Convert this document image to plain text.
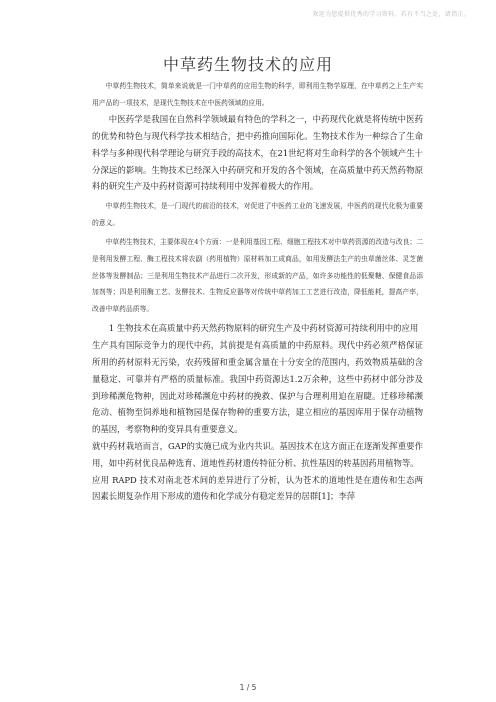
欢迎为您提供优秀的学习资料，若有不当之处，请指正。
中草药生物技术的应用

中草药生物技术，简单来说就是一门中草药的应用生物的科学，即利用生物学原理，在中草药之上生产实用产品的一项技术，是现代生物技术在中医药领域的应用。

中医药学是我国在自然科学领域最有特色的学科之一，中药现代化就是将传统中医药的优势和特色与现代科学技术相结合，把中药推向国际化。生物技术作为一种综合了生命科学与多种现代科学理论与研究手段的高技术，在21世纪将对生命科学的各个领域产生十分深远的影响。生物技术已经深入中药研究和开发的各个领域，在高质量中药天然药物原料的研究生产及中药材资源可持续利用中发挥着极大的作用。

中草药生物技术，是一门现代的前沿的技术，对促进了中医药工业的飞速发展，中医药的现代化极为重要的意义。

中草药生物技术，主要体现在4个方面：一是利用基因工程、细胞工程技术对中草药资源的改造与改良；二是利用发酵工程、酶工程技术将农副（药用植物）原材料加工成商品，如用发酵法生产的虫草菌丝体、灵芝菌丝体等发酵制品；三是利用生物技术产品进行二次开发，形成新的产品，如许多功能性的低聚糖、保健食品添加剂等；四是利用酶工艺、发酵技术、生物反应器等对传统中草药加工工艺进行改造，降低能耗，提高产率，改善中草药品质等。

1 生物技术在高质量中药天然药物原料的研究生产及中药材资源可持续利用中的应用

生产具有国际竞争力的现代中药，其前提是有高质量的中药原料。现代中药必须严格保证所用的药材原料无污染，农药残留和重金属含量在十分安全的范围内，药效物质基础的含量稳定、可靠并有严格的质量标准。我国中药资源达1.2万余种，这些中药材中部分涉及到珍稀濒危物种，因此对珍稀濒危中药材的挽救、保护与合理利用迫在眉睫。迁移珍稀濒危动、植物至饲养地和植物园是保存物种的重要方法，建立相应的基因库用于保存动植物的基因，考察物种的变异具有重要意义。

就中药材栽培而言，GAP的实施已成为业内共识。基因技术在这方面正在逐渐发挥重要作用，如中药材优良品种选育、道地性药材遗传特征分析、抗性基因的转基因药用植物等。

应用 RAPD 技术对南北苍术间的差异进行了分析，认为苍术的道地性是在遗传和生态两因素长期复杂作用下形成的遗传和化学成分有稳定差异的居群[1]；李萍

1 / 5
